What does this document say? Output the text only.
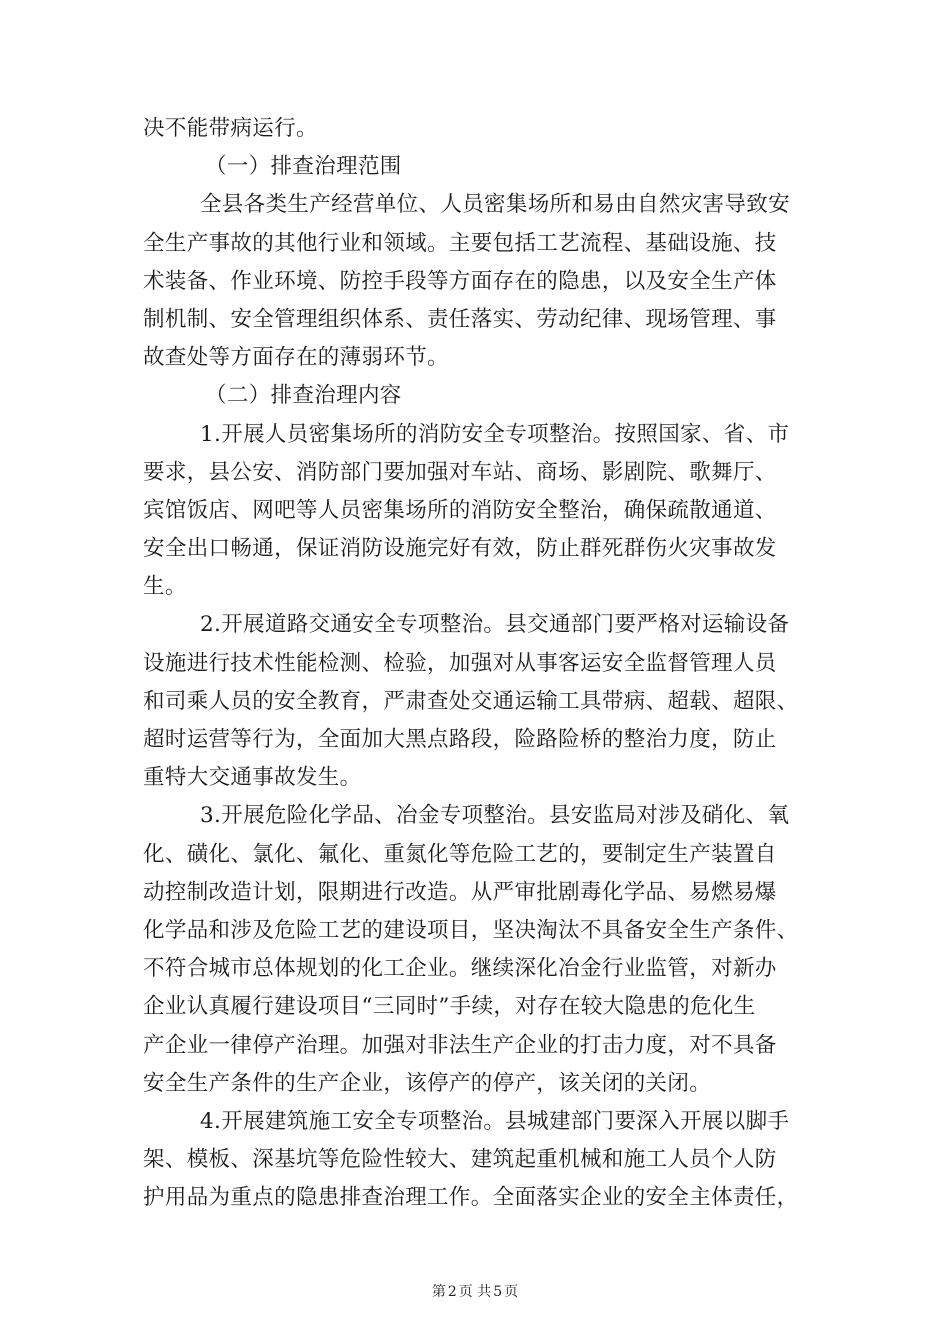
决不能带病运行。
（一）排查治理范围
全县各类生产经营单位、人员密集场所和易由自然灾害导致安
全生产事故的其他行业和领域。主要包括工艺流程、基础设施、技
术装备、作业环境、防控手段等方面存在的隐患，以及安全生产体
制机制、安全管理组织体系、责任落实、劳动纪律、现场管理、事
故查处等方面存在的薄弱环节。
（二）排查治理内容
1.开展人员密集场所的消防安全专项整治。按照国家、省、市
要求，县公安、消防部门要加强对车站、商场、影剧院、歌舞厅、
宾馆饭店、网吧等人员密集场所的消防安全整治，确保疏散通道、
安全出口畅通，保证消防设施完好有效，防止群死群伤火灾事故发
生。
2.开展道路交通安全专项整治。县交通部门要严格对运输设备
设施进行技术性能检测、检验，加强对从事客运安全监督管理人员
和司乘人员的安全教育，严肃查处交通运输工具带病、超载、超限、
超时运营等行为，全面加大黑点路段，险路险桥的整治力度，防止
重特大交通事故发生。
3.开展危险化学品、冶金专项整治。县安监局对涉及硝化、氧
化、磺化、氯化、氟化、重氮化等危险工艺的，要制定生产装置自
动控制改造计划，限期进行改造。从严审批剧毒化学品、易燃易爆
化学品和涉及危险工艺的建设项目，坚决淘汰不具备安全生产条件、
不符合城市总体规划的化工企业。继续深化冶金行业监管，对新办
企业认真履行建设项目“三同时”手续，对存在较大隐患的危化生
产企业一律停产治理。加强对非法生产企业的打击力度，对不具备
安全生产条件的生产企业，该停产的停产，该关闭的关闭。
4.开展建筑施工安全专项整治。县城建部门要深入开展以脚手
架、模板、深基坑等危险性较大、建筑起重机械和施工人员个人防
护用品为重点的隐患排查治理工作。全面落实企业的安全主体责任，
第 2 页 共 5 页
